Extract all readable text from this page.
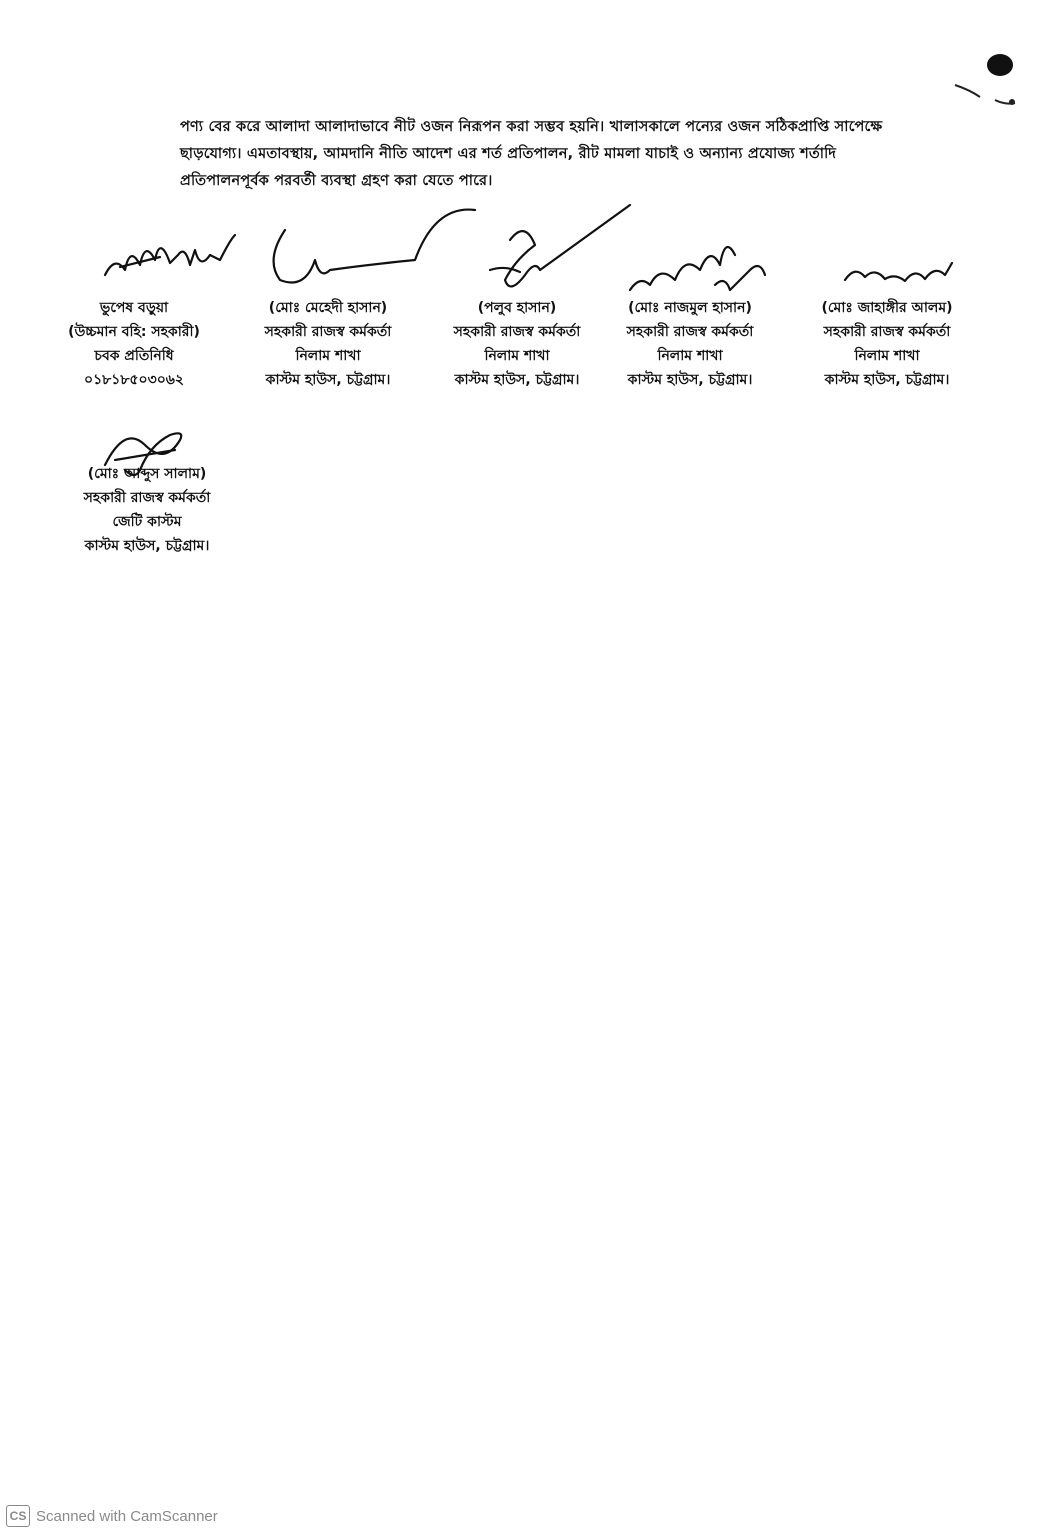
পণ্য বের করে আলাদা আলাদাভাবে নীট ওজন নিরূপন করা সম্ভব হয়নি। খালাসকালে পন্যের ওজন সঠিকপ্রাপ্তি সাপেক্ষে
ছাড়যোগ্য। এমতাবস্থায়, আমদানি নীতি আদেশ এর শর্ত প্রতিপালন, রীট মামলা যাচাই ও অন্যান্য প্রযোজ্য শর্তাদি
প্রতিপালনপূর্বক পরবর্তী ব্যবস্থা গ্রহণ করা যেতে পারে।
ভুপেষ বড়ুয়া
(উচ্চমান বহি: সহকারী)
চবক প্রতিনিধি
০১৮১৮৫০৩০৬২
(মোঃ মেহেদী হাসান)
সহকারী রাজস্ব কর্মকর্তা
নিলাম শাখা
কাস্টম হাউস, চট্টগ্রাম।
(পলুব হাসান)
সহকারী রাজস্ব কর্মকর্তা
নিলাম শাখা
কাস্টম হাউস, চট্টগ্রাম।
(মোঃ নাজমুল হাসান)
সহকারী রাজস্ব কর্মকর্তা
নিলাম শাখা
কাস্টম হাউস, চট্টগ্রাম।
(মোঃ জাহাঙ্গীর আলম)
সহকারী রাজস্ব কর্মকর্তা
নিলাম শাখা
কাস্টম হাউস, চট্টগ্রাম।
(মোঃ আব্দুস সালাম)
সহকারী রাজস্ব কর্মকর্তা
জেটি কাস্টম
কাস্টম হাউস, চট্টগ্রাম।
CS Scanned with CamScanner
